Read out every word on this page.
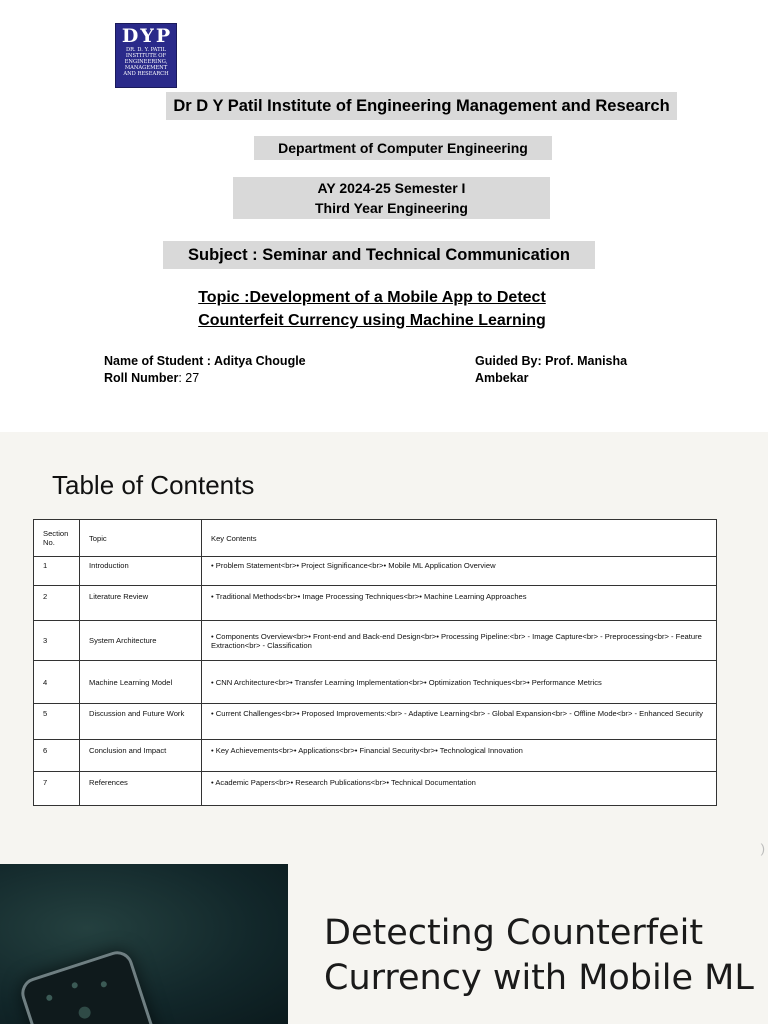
D Y P
DR. D. Y. PATIL
INSTITUTE OF
ENGINEERING,
MANAGEMENT
AND RESEARCH
Dr D Y Patil Institute of Engineering Management and Research
Department of Computer Engineering
AY 2024-25 Semester I
Third Year Engineering
Subject : Seminar and Technical Communication
Topic :Development of a Mobile App to Detect
Counterfeit Currency using Machine Learning
Name of Student : Aditya Chougle
Roll Number: 27
Guided By: Prof. Manisha
Ambekar
Table of Contents
Section No.	Topic	Key Contents
1	Introduction	• Problem Statement<br>• Project Significance<br>• Mobile ML Application Overview
2	Literature Review	• Traditional Methods<br>• Image Processing Techniques<br>• Machine Learning Approaches
3	System Architecture	• Components Overview<br>• Front-end and Back-end Design<br>• Processing Pipeline:<br> - Image Capture<br> - Preprocessing<br> - Feature Extraction<br> - Classification
4	Machine Learning Model	• CNN Architecture<br>• Transfer Learning Implementation<br>• Optimization Techniques<br>• Performance Metrics
5	Discussion and Future Work	• Current Challenges<br>• Proposed Improvements:<br> - Adaptive Learning<br> - Global Expansion<br> - Offline Mode<br> - Enhanced Security
6	Conclusion and Impact	• Key Achievements<br>• Applications<br>• Financial Security<br>• Technological Innovation
7	References	• Academic Papers<br>• Research Publications<br>• Technical Documentation
)
Detecting Counterfeit Currency with Mobile ML
